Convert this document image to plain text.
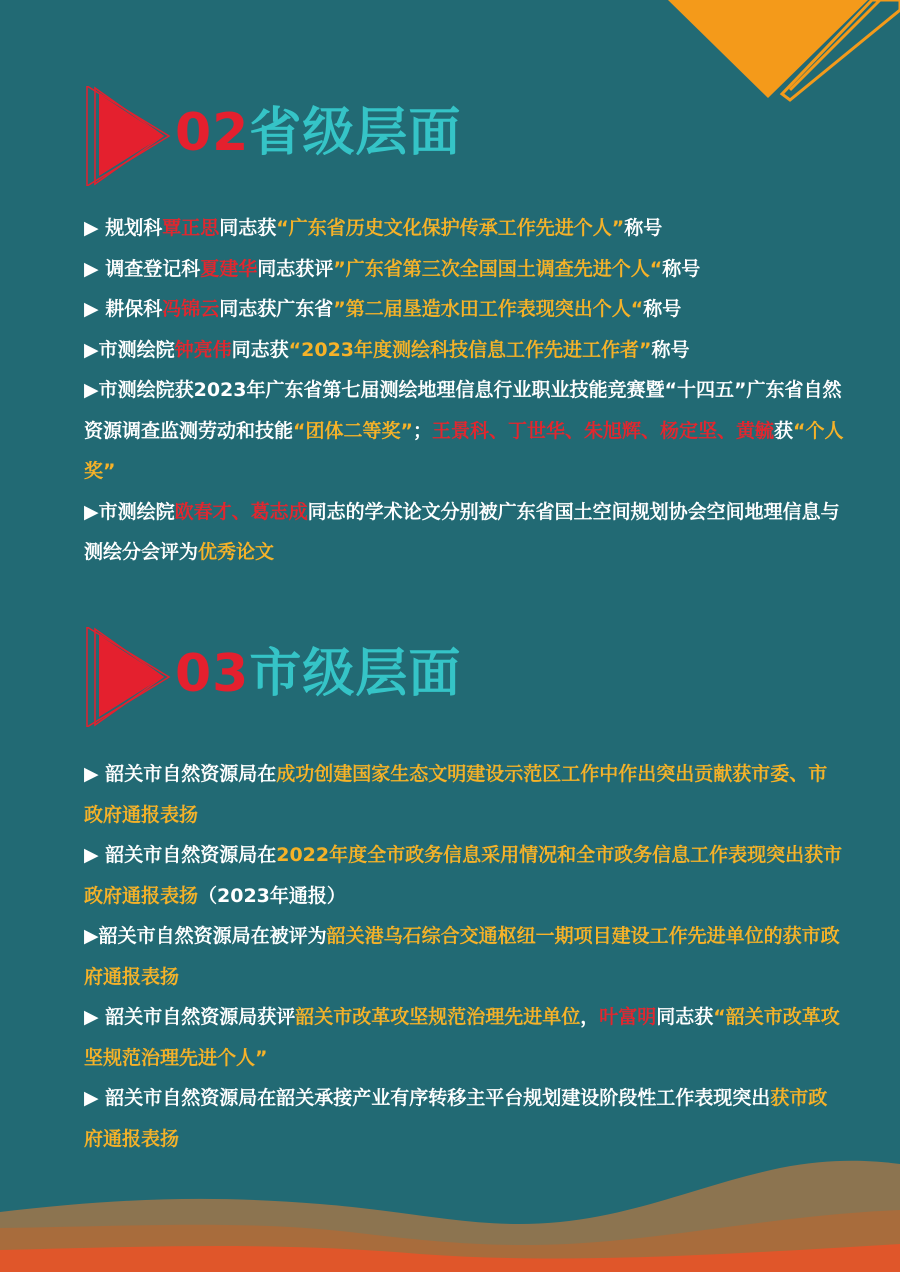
02省级层面

▶ 规划科覃正思同志获“广东省历史文化保护传承工作先进个人”称号

▶ 调查登记科夏建华同志获评”广东省第三次全国国土调查先进个人“称号

▶ 耕保科冯锦云同志获广东省”第二届垦造水田工作表现突出个人“称号

▶市测绘院钟亮伟同志获“2023年度测绘科技信息工作先进工作者”称号

▶市测绘院获2023年广东省第七届测绘地理信息行业职业技能竞赛暨“十四五”广东省自然资源调查监测劳动和技能“团体二等奖”；王景科、丁世华、朱旭辉、杨定坚、黄毓获“个人奖”

▶市测绘院欧春才、葛志成同志的学术论文分别被广东省国土空间规划协会空间地理信息与测绘分会评为优秀论文

03市级层面

▶ 韶关市自然资源局在成功创建国家生态文明建设示范区工作中作出突出贡献获市委、市政府通报表扬

▶ 韶关市自然资源局在2022年度全市政务信息采用情况和全市政务信息工作表现突出获市政府通报表扬（2023年通报）

▶韶关市自然资源局在被评为韶关港乌石综合交通枢纽一期项目建设工作先进单位的获市政府通报表扬

▶ 韶关市自然资源局获评韶关市改革攻坚规范治理先进单位，叶富明同志获“韶关市改革攻坚规范治理先进个人”

▶ 韶关市自然资源局在韶关承接产业有序转移主平台规划建设阶段性工作表现突出获市政府通报表扬
